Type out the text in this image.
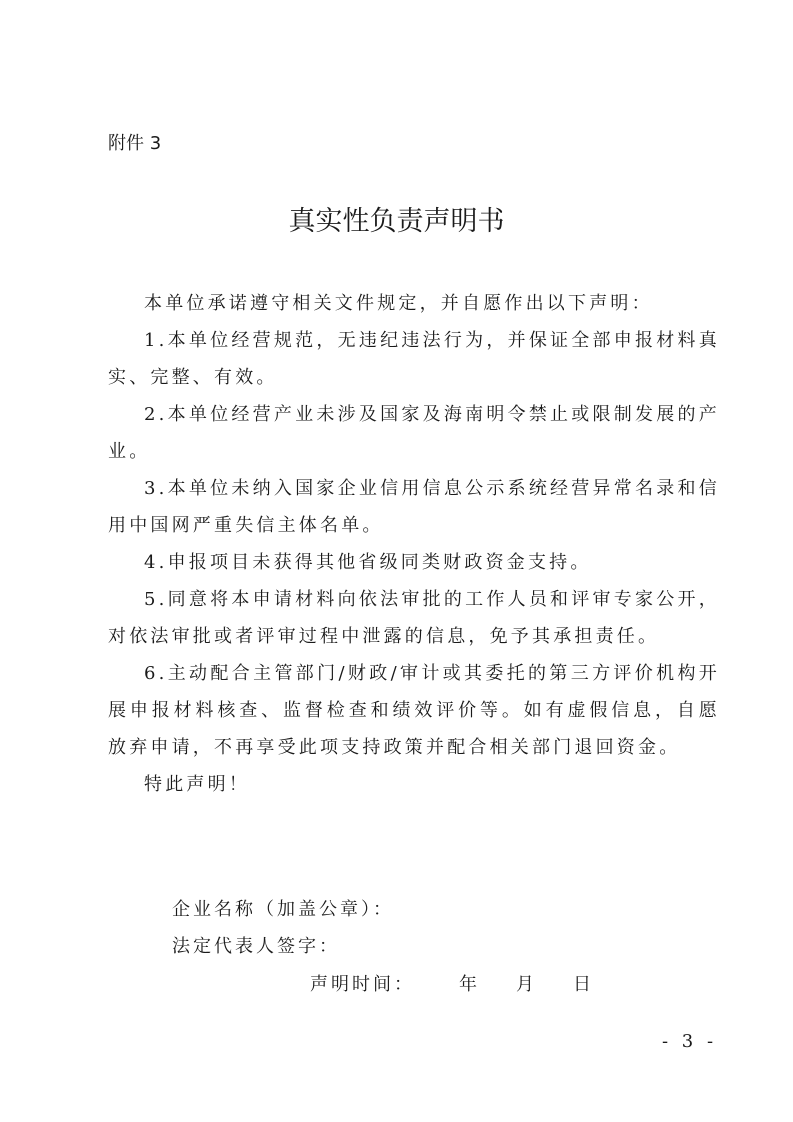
附件 3

真实性负责声明书

本单位承诺遵守相关文件规定，并自愿作出以下声明：

1.本单位经营规范，无违纪违法行为，并保证全部申报材料真实、完整、有效。

2.本单位经营产业未涉及国家及海南明令禁止或限制发展的产业。

3.本单位未纳入国家企业信用信息公示系统经营异常名录和信用中国网严重失信主体名单。

4.申报项目未获得其他省级同类财政资金支持。

5.同意将本申请材料向依法审批的工作人员和评审专家公开，对依法审批或者评审过程中泄露的信息，免予其承担责任。

6.主动配合主管部门/财政/审计或其委托的第三方评价机构开展申报材料核查、监督检查和绩效评价等。如有虚假信息，自愿放弃申请，不再享受此项支持政策并配合相关部门退回资金。

特此声明！

企业名称（加盖公章）：

法定代表人签字：

声明时间： 年 月 日

- 3 -
